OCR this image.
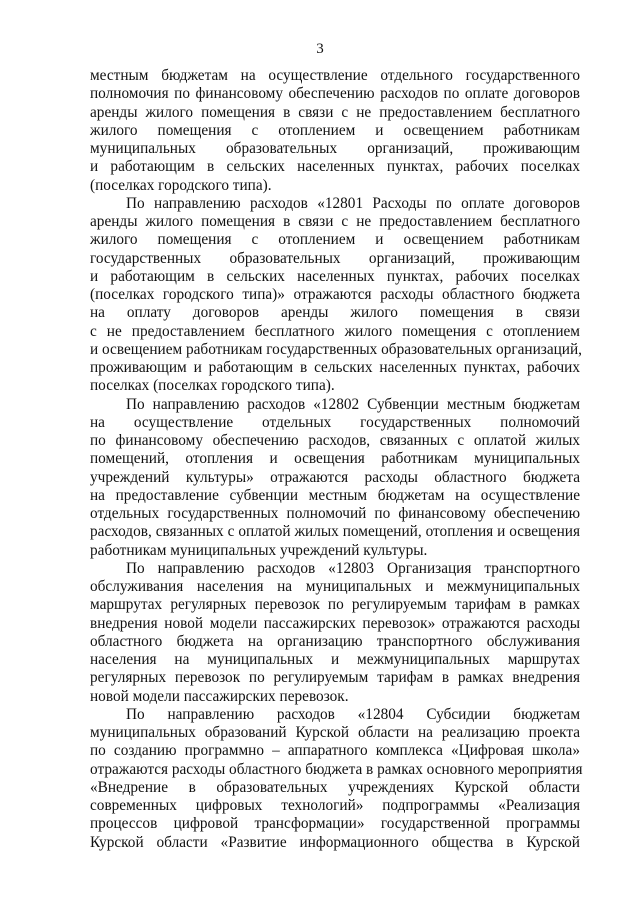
3
местным бюджетам на осуществление отдельного государственного
полномочия по финансовому обеспечению расходов по оплате договоров
аренды жилого помещения в связи с не предоставлением бесплатного
жилого помещения с отоплением и освещением работникам
муниципальных образовательных организаций, проживающим
и работающим в сельских населенных пунктах, рабочих поселках
(поселках городского типа).
По направлению расходов «12801 Расходы по оплате договоров
аренды жилого помещения в связи с не предоставлением бесплатного
жилого помещения с отоплением и освещением работникам
государственных образовательных организаций, проживающим
и работающим в сельских населенных пунктах, рабочих поселках
(поселках городского типа)» отражаются расходы областного бюджета
на оплату договоров аренды жилого помещения в связи
с не предоставлением бесплатного жилого помещения с отоплением
и освещением работникам государственных образовательных организаций,
проживающим и работающим в сельских населенных пунктах, рабочих
поселках (поселках городского типа).
По направлению расходов «12802 Субвенции местным бюджетам
на осуществление отдельных государственных полномочий
по финансовому обеспечению расходов, связанных с оплатой жилых
помещений, отопления и освещения работникам муниципальных
учреждений культуры» отражаются расходы областного бюджета
на предоставление субвенции местным бюджетам на осуществление
отдельных государственных полномочий по финансовому обеспечению
расходов, связанных с оплатой жилых помещений, отопления и освещения
работникам муниципальных учреждений культуры.
По направлению расходов «12803 Организация транспортного
обслуживания населения на муниципальных и межмуниципальных
маршрутах регулярных перевозок по регулируемым тарифам в рамках
внедрения новой модели пассажирских перевозок» отражаются расходы
областного бюджета на организацию транспортного обслуживания
населения на муниципальных и межмуниципальных маршрутах
регулярных перевозок по регулируемым тарифам в рамках внедрения
новой модели пассажирских перевозок.
По направлению расходов «12804 Субсидии бюджетам
муниципальных образований Курской области на реализацию проекта
по созданию программно – аппаратного комплекса «Цифровая школа»
отражаются расходы областного бюджета в рамках основного мероприятия
«Внедрение в образовательных учреждениях Курской области
современных цифровых технологий» подпрограммы «Реализация
процессов цифровой трансформации» государственной программы
Курской области «Развитие информационного общества в Курской
